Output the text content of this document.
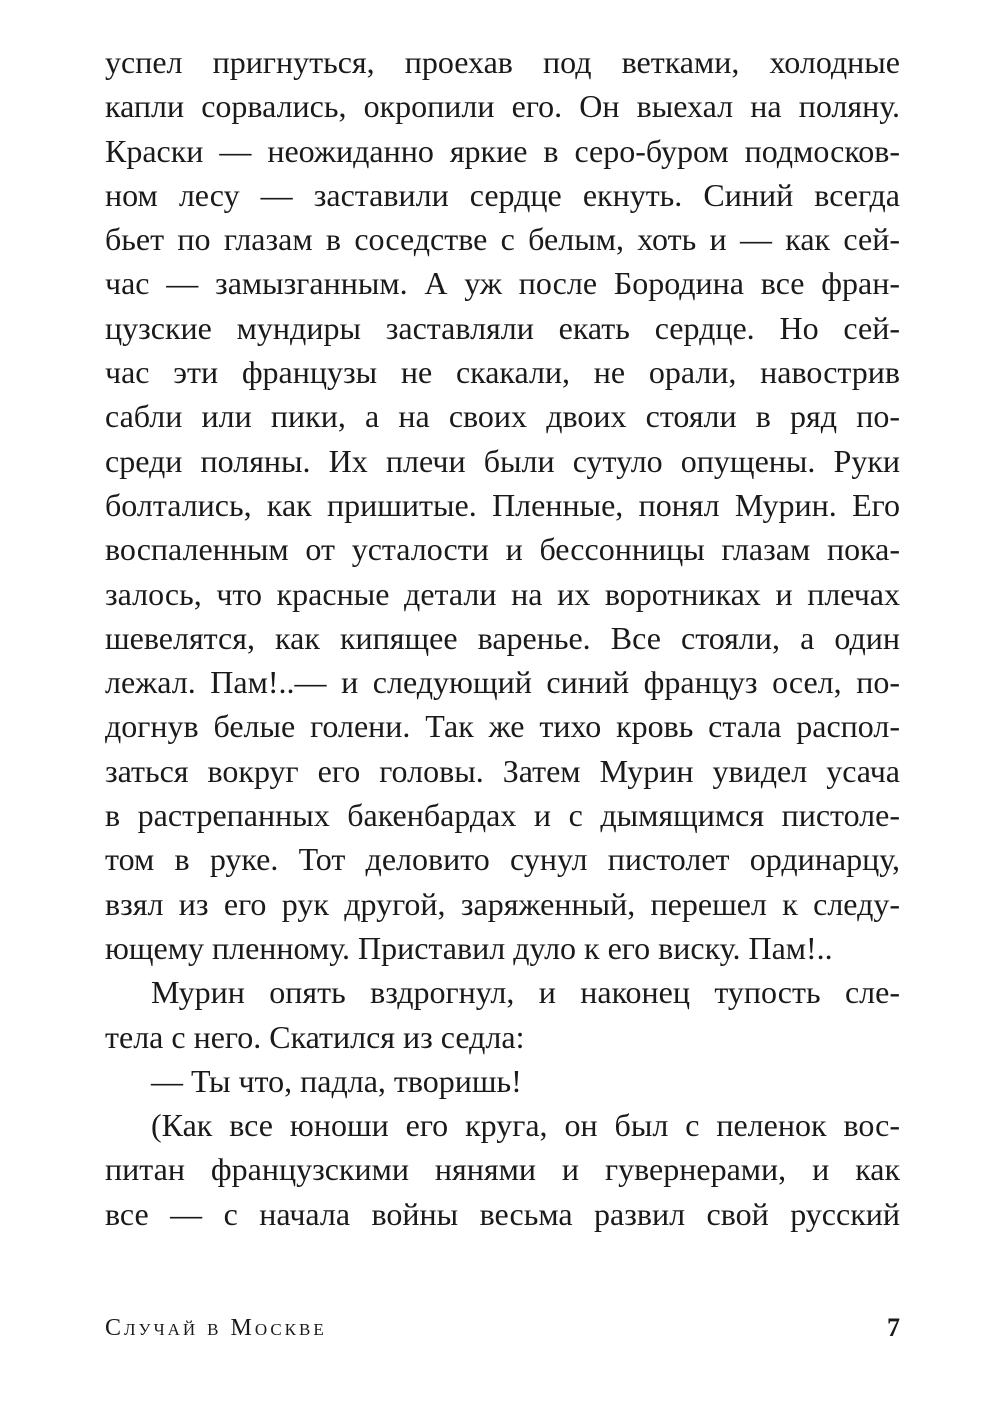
успел пригнуться, проехав под ветками, холодные
капли сорвались, окропили его. Он выехал на поляну.
Краски — неожиданно яркие в серо-буром подмосков-
ном лесу — заставили сердце екнуть. Синий всегда
бьет по глазам в соседстве с белым, хоть и — как сей-
час — замызганным. А уж после Бородина все фран-
цузские мундиры заставляли екать сердце. Но сей-
час эти французы не скакали, не орали, навострив
сабли или пики, а на своих двоих стояли в ряд по-
среди поляны. Их плечи были сутуло опущены. Руки
болтались, как пришитые. Пленные, понял Мурин. Его
воспаленным от усталости и бессонницы глазам пока-
залось, что красные детали на их воротниках и плечах
шевелятся, как кипящее варенье. Все стояли, а один
лежал. Пам!..— и следующий синий француз осел, по-
догнув белые голени. Так же тихо кровь стала распол-
заться вокруг его головы. Затем Мурин увидел усача
в растрепанных бакенбардах и с дымящимся пистоле-
том в руке. Тот деловито сунул пистолет ординарцу,
взял из его рук другой, заряженный, перешел к следу-
ющему пленному. Приставил дуло к его виску. Пам!..
Мурин опять вздрогнул, и наконец тупость сле-
тела с него. Скатился из седла:
— Ты что, падла, творишь!
(Как все юноши его круга, он был с пеленок вос-
питан французскими нянями и гувернерами, и как
все — с начала войны весьма развил свой русский
Случай в Москве	7
